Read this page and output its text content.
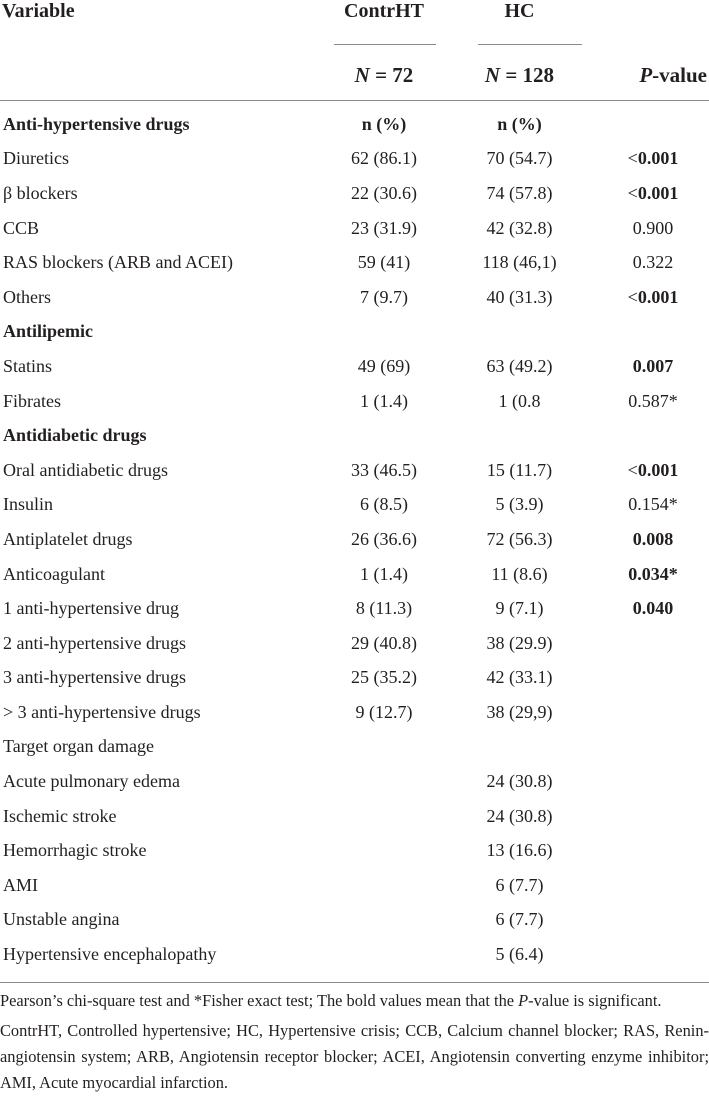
Variable	ContrHT	HC	

	N = 72	N = 128	P-value

Anti-hypertensive drugs	n (%)	n (%)	
Diuretics	62 (86.1)	70 (54.7)	<0.001
β blockers	22 (30.6)	74 (57.8)	<0.001
CCB	23 (31.9)	42 (32.8)	0.900
RAS blockers (ARB and ACEI)	59 (41)	118 (46,1)	0.322
Others	7 (9.7)	40 (31.3)	<0.001
Antilipemic			
Statins	49 (69)	63 (49.2)	0.007
Fibrates	1 (1.4)	1 (0.8	0.587*
Antidiabetic drugs			
Oral antidiabetic drugs	33 (46.5)	15 (11.7)	<0.001
Insulin	6 (8.5)	5 (3.9)	0.154*
Antiplatelet drugs	26 (36.6)	72 (56.3)	0.008
Anticoagulant	1 (1.4)	11 (8.6)	0.034*
1 anti-hypertensive drug	8 (11.3)	9 (7.1)	0.040
2 anti-hypertensive drugs	29 (40.8)	38 (29.9)	
3 anti-hypertensive drugs	25 (35.2)	42 (33.1)	
> 3 anti-hypertensive drugs	9 (12.7)	38 (29,9)	
Target organ damage			
Acute pulmonary edema		24 (30.8)	
Ischemic stroke		24 (30.8)	
Hemorrhagic stroke		13 (16.6)	
AMI		6 (7.7)	
Unstable angina		6 (7.7)	
Hypertensive encephalopathy		5 (6.4)	

Pearson’s chi-square test and *Fisher exact test; The bold values mean that the P-value is significant.

ContrHT, Controlled hypertensive; HC, Hypertensive crisis; CCB, Calcium channel blocker; RAS, Renin-angiotensin system; ARB, Angiotensin receptor blocker; ACEI, Angiotensin converting enzyme inhibitor; AMI, Acute myocardial infarction.
